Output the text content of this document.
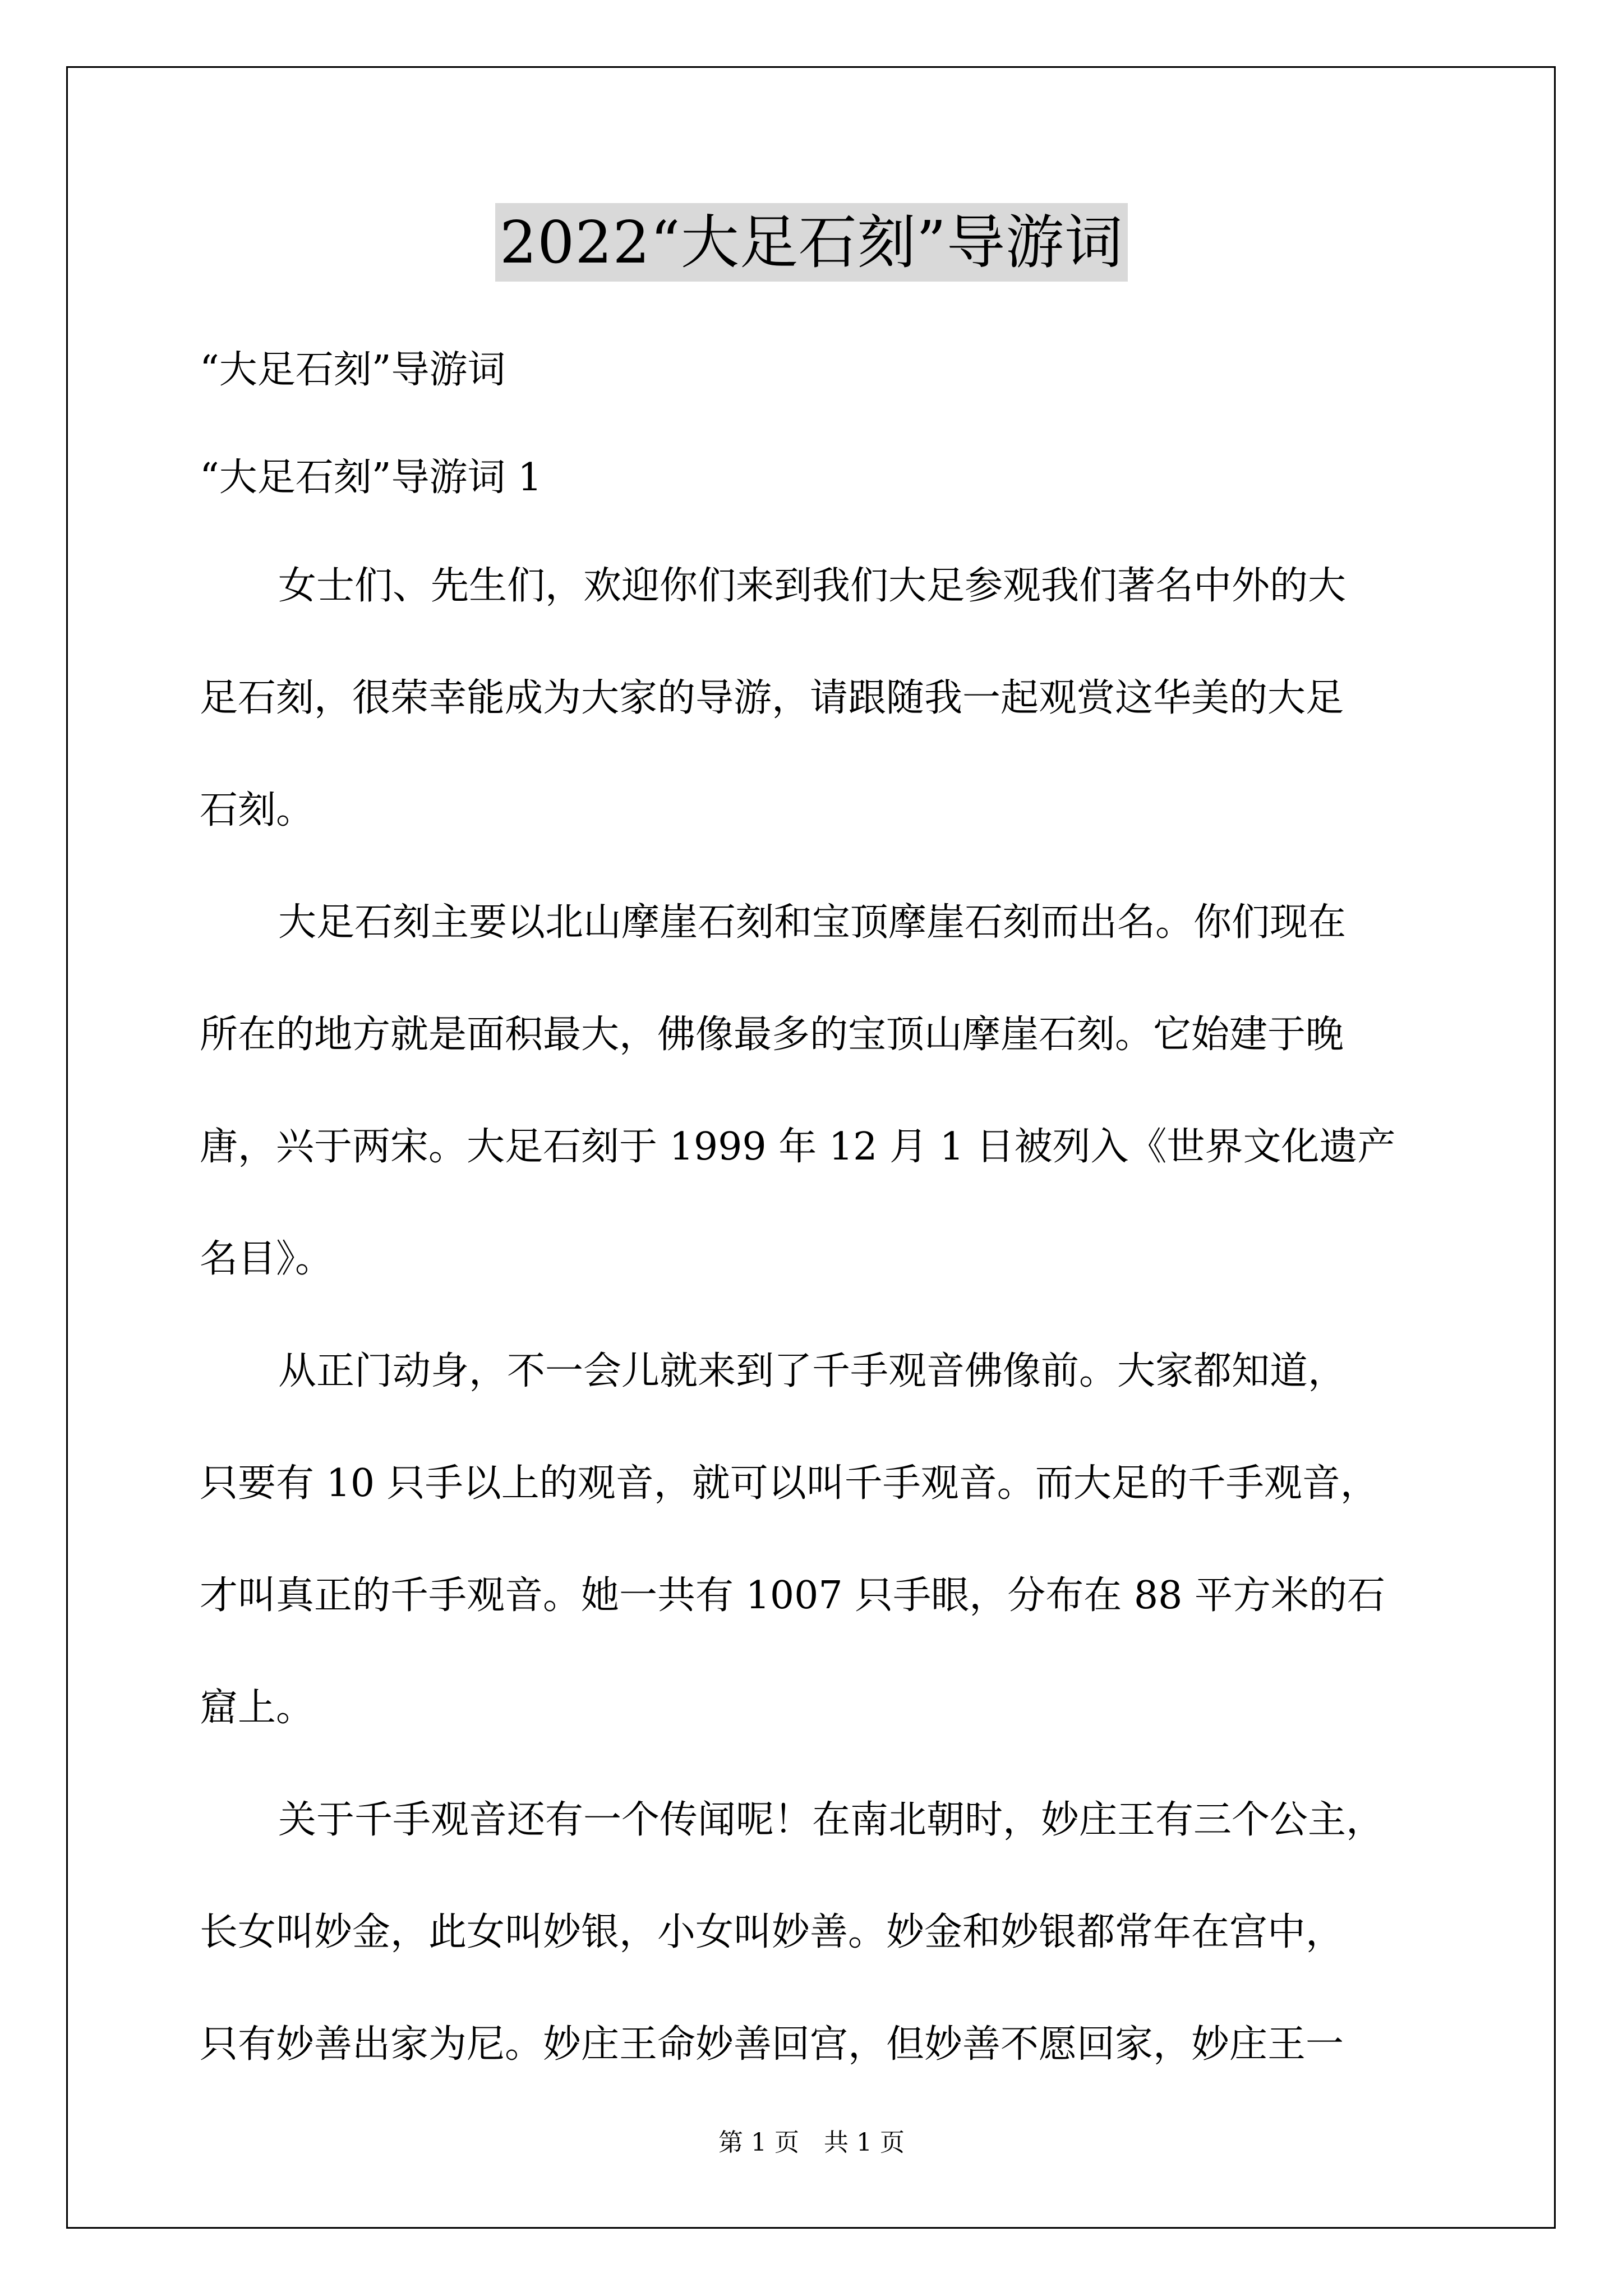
2022“大足石刻”导游词
“大足石刻”导游词
“大足石刻”导游词 1
女士们、先生们，欢迎你们来到我们大足参观我们著名中外的大
足石刻，很荣幸能成为大家的导游，请跟随我一起观赏这华美的大足
石刻。
大足石刻主要以北山摩崖石刻和宝顶摩崖石刻而出名。你们现在
所在的地方就是面积最大，佛像最多的宝顶山摩崖石刻。它始建于晚
唐，兴于两宋。大足石刻于 1999 年 12 月 1 日被列入《世界文化遗产
名目》。
从正门动身，不一会儿就来到了千手观音佛像前。大家都知道，
只要有 10 只手以上的观音，就可以叫千手观音。而大足的千手观音，
才叫真正的千手观音。她一共有 1007 只手眼，分布在 88 平方米的石
窟上。
关于千手观音还有一个传闻呢！在南北朝时，妙庄王有三个公主，
长女叫妙金，此女叫妙银，小女叫妙善。妙金和妙银都常年在宫中，
只有妙善出家为尼。妙庄王命妙善回宫，但妙善不愿回家，妙庄王一
第 1 页　共 1 页
